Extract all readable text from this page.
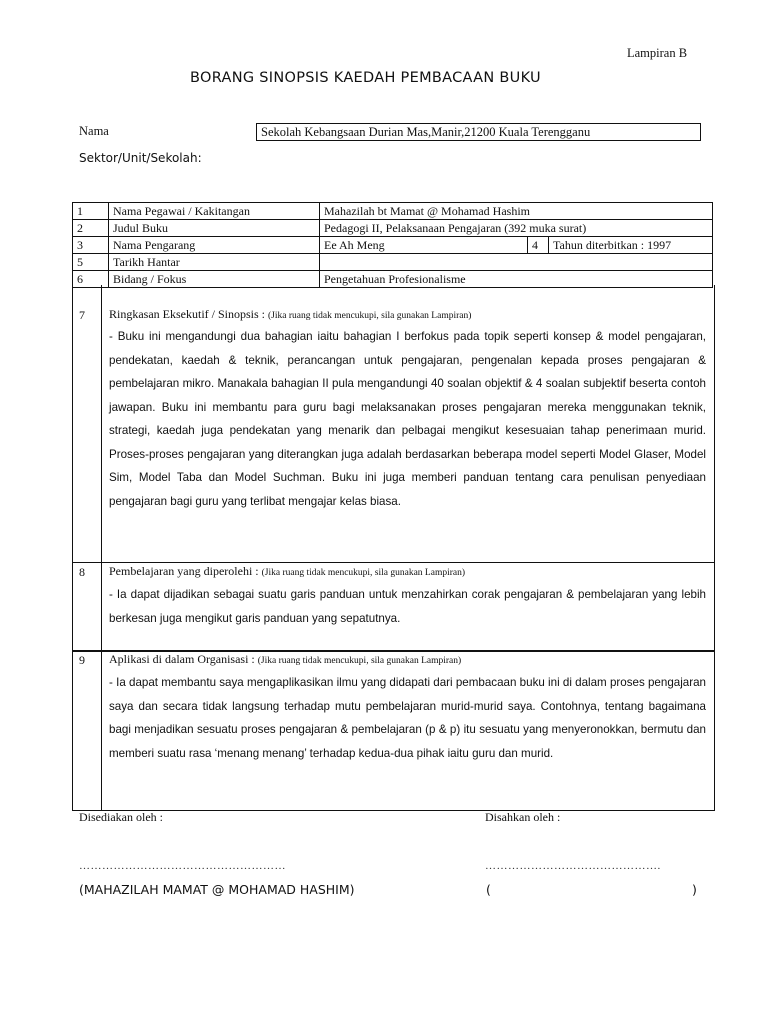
Lampiran B
BORANG SINOPSIS KAEDAH PEMBACAAN BUKU
Nama	Sekolah Kebangsaan Durian Mas,Manir,21200 Kuala Terengganu
Sektor/Unit/Sekolah:
1	Nama Pegawai / Kakitangan	Mahazilah bt Mamat @ Mohamad Hashim		
2	Judul Buku	Pedagogi II, Pelaksanaan Pengajaran (392 muka surat)		
3	Nama Pengarang	Ee Ah Meng	4	Tahun diterbitkan : 1997
5	Tarikh Hantar			
6	Bidang / Fokus	Pengetahuan Profesionalisme		
7 Ringkasan Eksekutif / Sinopsis : (Jika ruang tidak mencukupi, sila gunakan Lampiran)
- Buku ini mengandungi dua bahagian iaitu bahagian I berfokus pada topik seperti konsep & model pengajaran, pendekatan, kaedah & teknik, perancangan untuk pengajaran, pengenalan kepada proses pengajaran & pembelajaran mikro. Manakala bahagian II pula mengandungi 40 soalan objektif & 4 soalan subjektif beserta contoh jawapan. Buku ini membantu para guru bagi melaksanakan proses pengajaran mereka menggunakan teknik, strategi, kaedah juga pendekatan yang menarik dan pelbagai mengikut kesesuaian tahap penerimaan murid. Proses-proses pengajaran yang diterangkan juga adalah berdasarkan beberapa model seperti Model Glaser, Model Sim, Model Taba dan Model Suchman. Buku ini juga memberi panduan tentang cara penulisan penyediaan pengajaran bagi guru yang terlibat mengajar kelas biasa.
8 Pembelajaran yang diperolehi : (Jika ruang tidak mencukupi, sila gunakan Lampiran)
- Ia dapat dijadikan sebagai suatu garis panduan untuk menzahirkan corak pengajaran & pembelajaran yang lebih berkesan juga mengikut garis panduan yang sepatutnya.
9 Aplikasi di dalam Organisasi : (Jika ruang tidak mencukupi, sila gunakan Lampiran)
- Ia dapat membantu saya mengaplikasikan ilmu yang didapati dari pembacaan buku ini di dalam proses pengajaran saya dan secara tidak langsung terhadap mutu pembelajaran murid-murid saya. Contohnya, tentang bagaimana bagi menjadikan sesuatu proses pengajaran & pembelajaran (p & p) itu sesuatu yang menyeronokkan, bermutu dan memberi suatu rasa ‘menang menang’ terhadap kedua-dua pihak iaitu guru dan murid.
Disediakan oleh :	Disahkan oleh :
………………………………………………	……………………………………….
(MAHAZILAH MAMAT @ MOHAMAD HASHIM)	(	)
